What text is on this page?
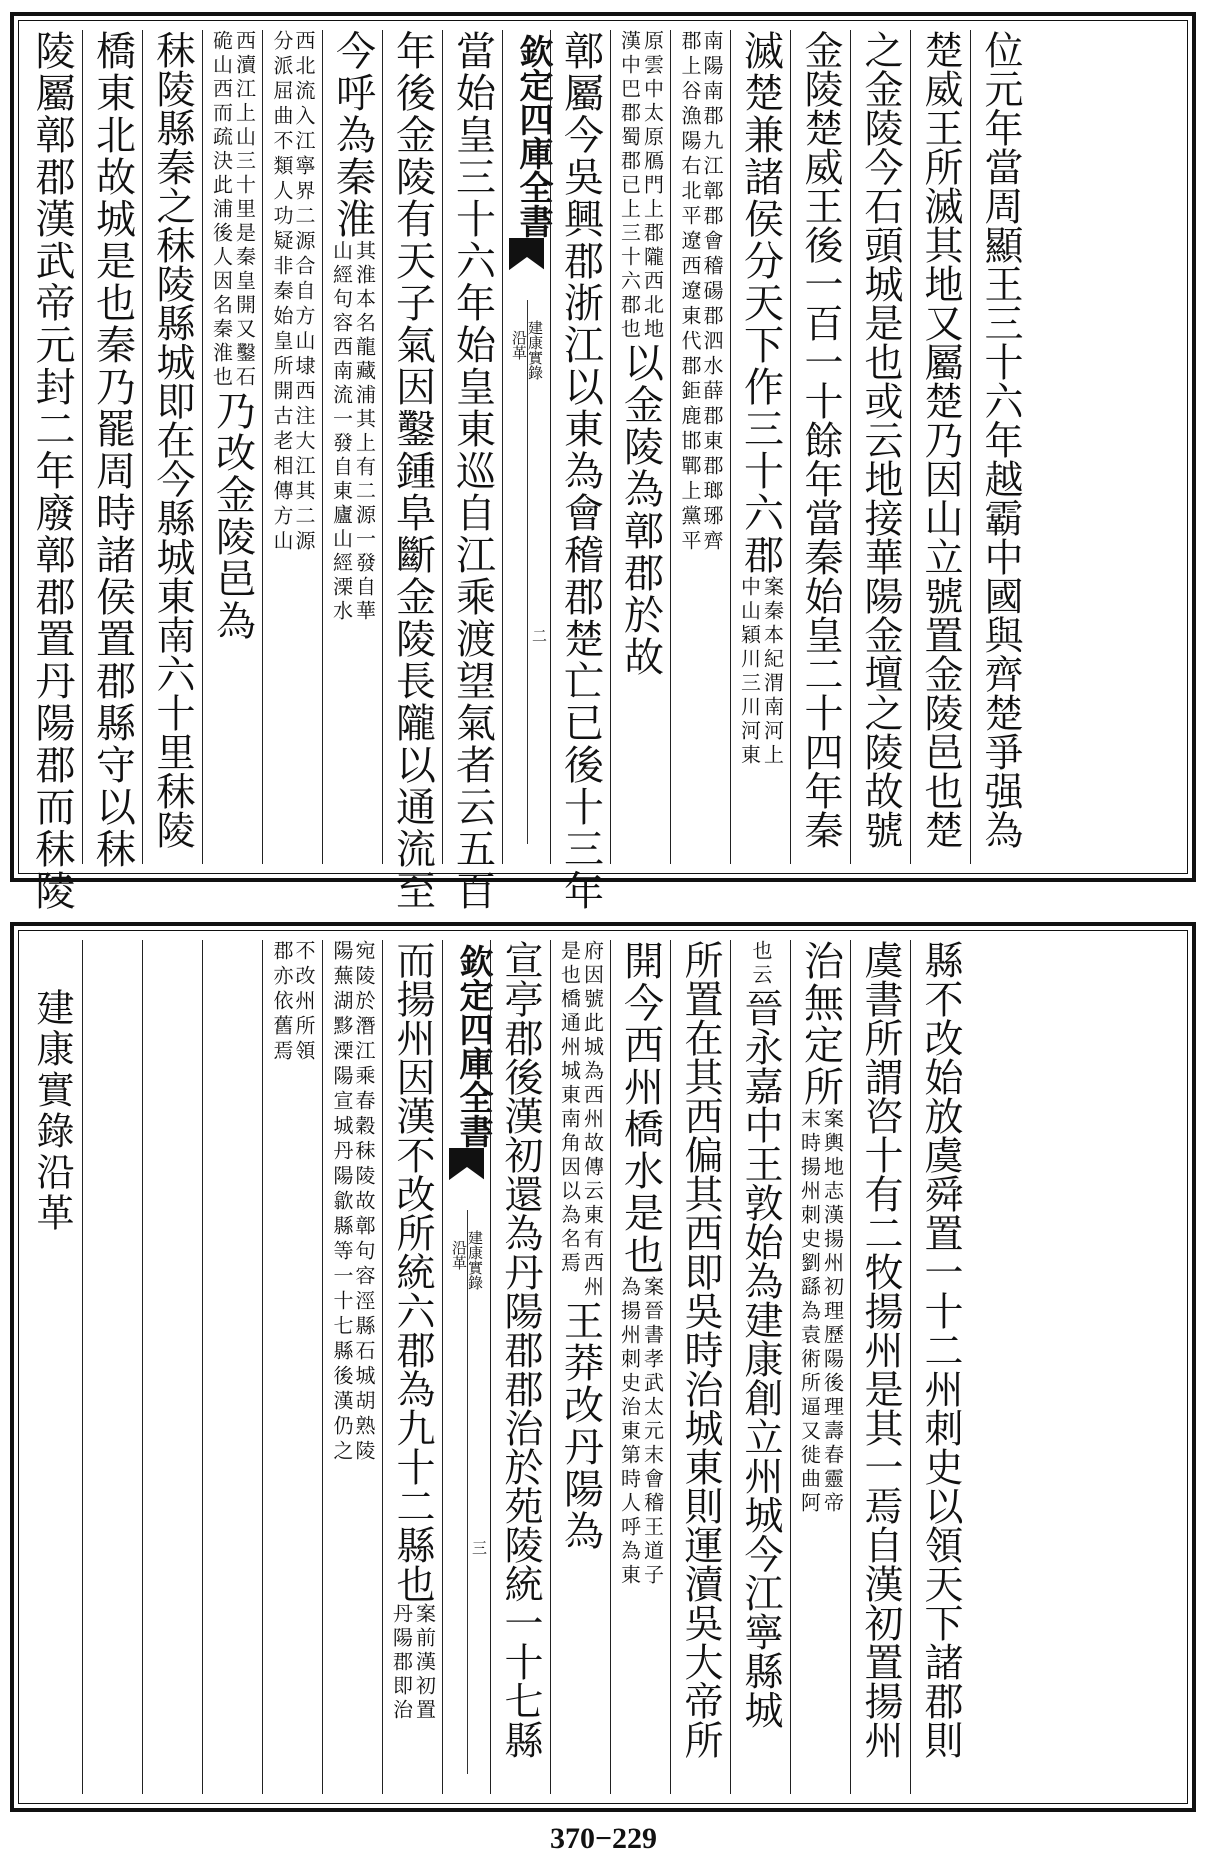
陵屬鄣郡漢武帝元封二年廢鄣郡置丹陽郡而秣陵 橋東北故城是也秦乃罷周時諸侯置郡縣守以秣 秣陵縣秦之秣陵縣城即在今縣城東南六十里秣陵 西瀆江上山三十里是秦皇開又鑿石
硊山西而疏決此浦後人因名秦淮也
乃改金陵邑為 西北流入江寧界二源合自方山埭西注大江其二源
分派屈曲不類人功疑非秦始皇所開古老相傳方山 今呼為秦淮
其淮本名龍藏浦其上有二源一發自華
山經句容西南流一發自東廬山經溧水 年後金陵有天子氣因鑿鍾阜斷金陵長隴以通流至 當始皇三十六年始皇東巡自江乘渡望氣者云五百 欽定四庫全書
建康實錄
沿革
二 鄣屬今吳興郡浙江以東為會稽郡楚亡已後十三年 原雲中太原鴈門上郡隴西北地
漢中巴郡蜀郡已上三十六郡也
以金陵為鄣郡於故 南陽南郡九江鄣郡會稽碭郡泗水薛郡東郡瑯琊齊
郡上谷漁陽右北平遼西遼東代郡鉅鹿邯鄲上黨平 滅楚兼諸侯分天下作三十六郡
案秦本紀渭南河上
中山穎川三川河東 金陵楚威王後一百一十餘年當秦始皇二十四年秦 之金陵今石頭城是也或云地接華陽金壇之陵故號 楚威王所滅其地又屬楚乃因山立號置金陵邑也楚 位元年當周顯王三十六年越霸中國與齊楚爭强為
建康實錄沿革	不改州所領
郡亦依舊焉	宛陵於潛江乘春穀秣陵故鄣句容涇縣石城胡熟陵
陽蕪湖黟溧陽宣城丹陽歙縣等一十七縣後漢仍之 而揚州因漢不改所統六郡為九十二縣也
案前漢初置
丹陽郡即治
欽定四庫全書
建康實錄
沿革
三 宣亭郡後漢初還為丹陽郡郡治於苑陵統一十七縣 府因號此城為西州故傳云東有西州
是也橋通州城東南角因以為名焉
王莽改丹陽為
開今西州橋水是也
案晉書孝武太元末會稽王道子
為揚州刺史治東第時人呼為東 所置在其西偏其西即吳時治城東則運瀆吳大帝所 也云
晉永嘉中王敦始為建康創立州城今江寧縣城 治無定所
案輿地志漢揚州初理歷陽後理壽春靈帝
末時揚州刺史劉繇為袁術所逼又徙曲阿 虞書所謂咨十有二牧揚州是其一焉自漢初置揚州 縣不改始放虞舜置一十二州刺史以領天下諸郡則
370−229
